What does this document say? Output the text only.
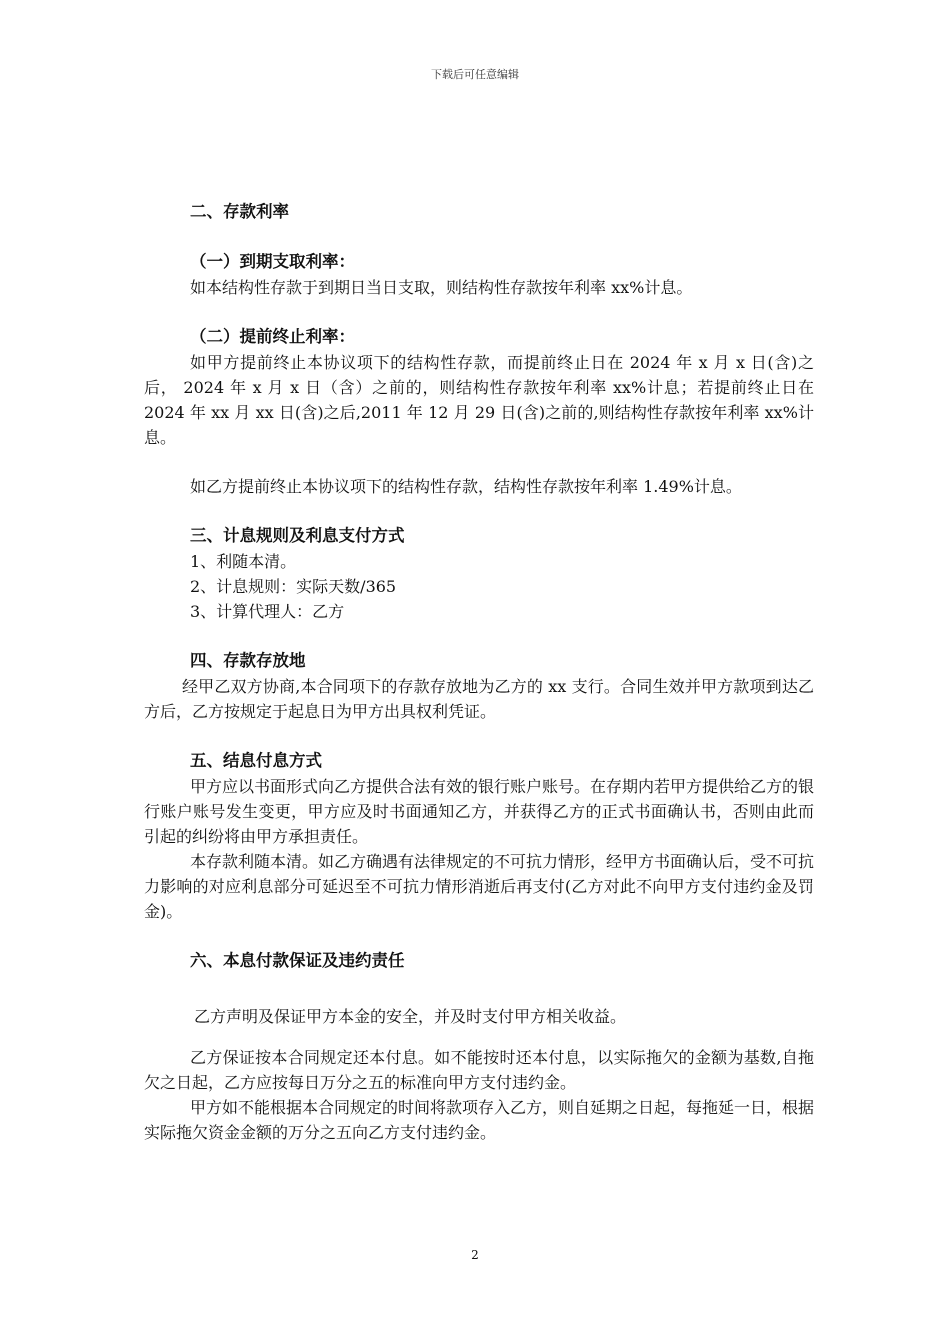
下载后可任意编辑

二、存款利率

（一）到期支取利率：

如本结构性存款于到期日当日支取，则结构性存款按年利率 xx%计息。

（二）提前终止利率：

如甲方提前终止本协议项下的结构性存款，而提前终止日在 2024 年 x 月 x 日(含)之后， 2024 年 x 月 x 日（含）之前的，则结构性存款按年利率 xx%计息；若提前终止日在 2024 年 xx 月 xx 日(含)之后,2011 年 12 月 29 日(含)之前的,则结构性存款按年利率 xx%计息。

如乙方提前终止本协议项下的结构性存款，结构性存款按年利率 1.49%计息。

三、计息规则及利息支付方式

1、利随本清。

2、计息规则：实际天数/365

3、计算代理人：乙方

四、存款存放地

经甲乙双方协商,本合同项下的存款存放地为乙方的 xx 支行。合同生效并甲方款项到达乙方后，乙方按规定于起息日为甲方出具权利凭证。

五、结息付息方式

甲方应以书面形式向乙方提供合法有效的银行账户账号。在存期内若甲方提供给乙方的银行账户账号发生变更，甲方应及时书面通知乙方，并获得乙方的正式书面确认书，否则由此而引起的纠纷将由甲方承担责任。

本存款利随本清。如乙方确遇有法律规定的不可抗力情形，经甲方书面确认后，受不可抗力影响的对应利息部分可延迟至不可抗力情形消逝后再支付(乙方对此不向甲方支付违约金及罚金)。

六、本息付款保证及违约责任

乙方声明及保证甲方本金的安全，并及时支付甲方相关收益。

乙方保证按本合同规定还本付息。如不能按时还本付息，以实际拖欠的金额为基数,自拖欠之日起，乙方应按每日万分之五的标准向甲方支付违约金。

甲方如不能根据本合同规定的时间将款项存入乙方，则自延期之日起，每拖延一日，根据实际拖欠资金金额的万分之五向乙方支付违约金。

2
